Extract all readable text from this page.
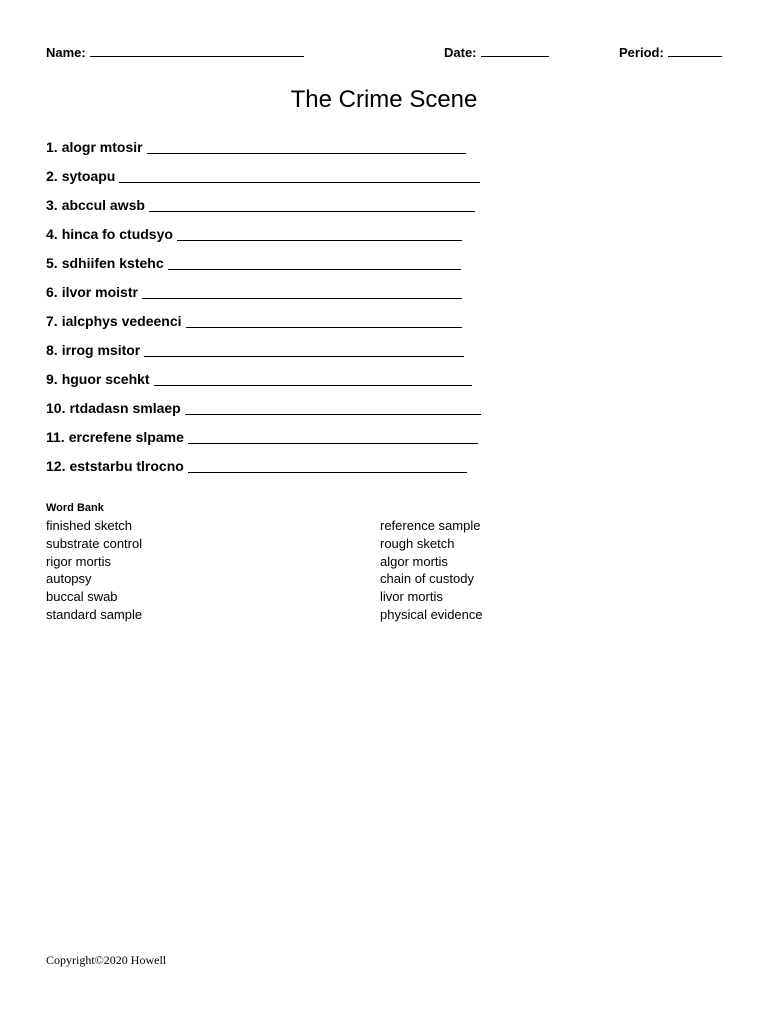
Name:	Date:	Period:
The Crime Scene
1. alogr mtosir
2. sytoapu
3. abccul awsb
4. hinca fo ctudsyo
5. sdhiifen kstehc
6. ilvor moistr
7. ialcphys vedeenci
8. irrog msitor
9. hguor scehkt
10. rtdadasn smlaep
11. ercrefene slpame
12. eststarbu tlrocno
Word Bank
finished sketch
substrate control
rigor mortis
autopsy
buccal swab
standard sample
reference sample
rough sketch
algor mortis
chain of custody
livor mortis
physical evidence
Copyright©2020 Howell
